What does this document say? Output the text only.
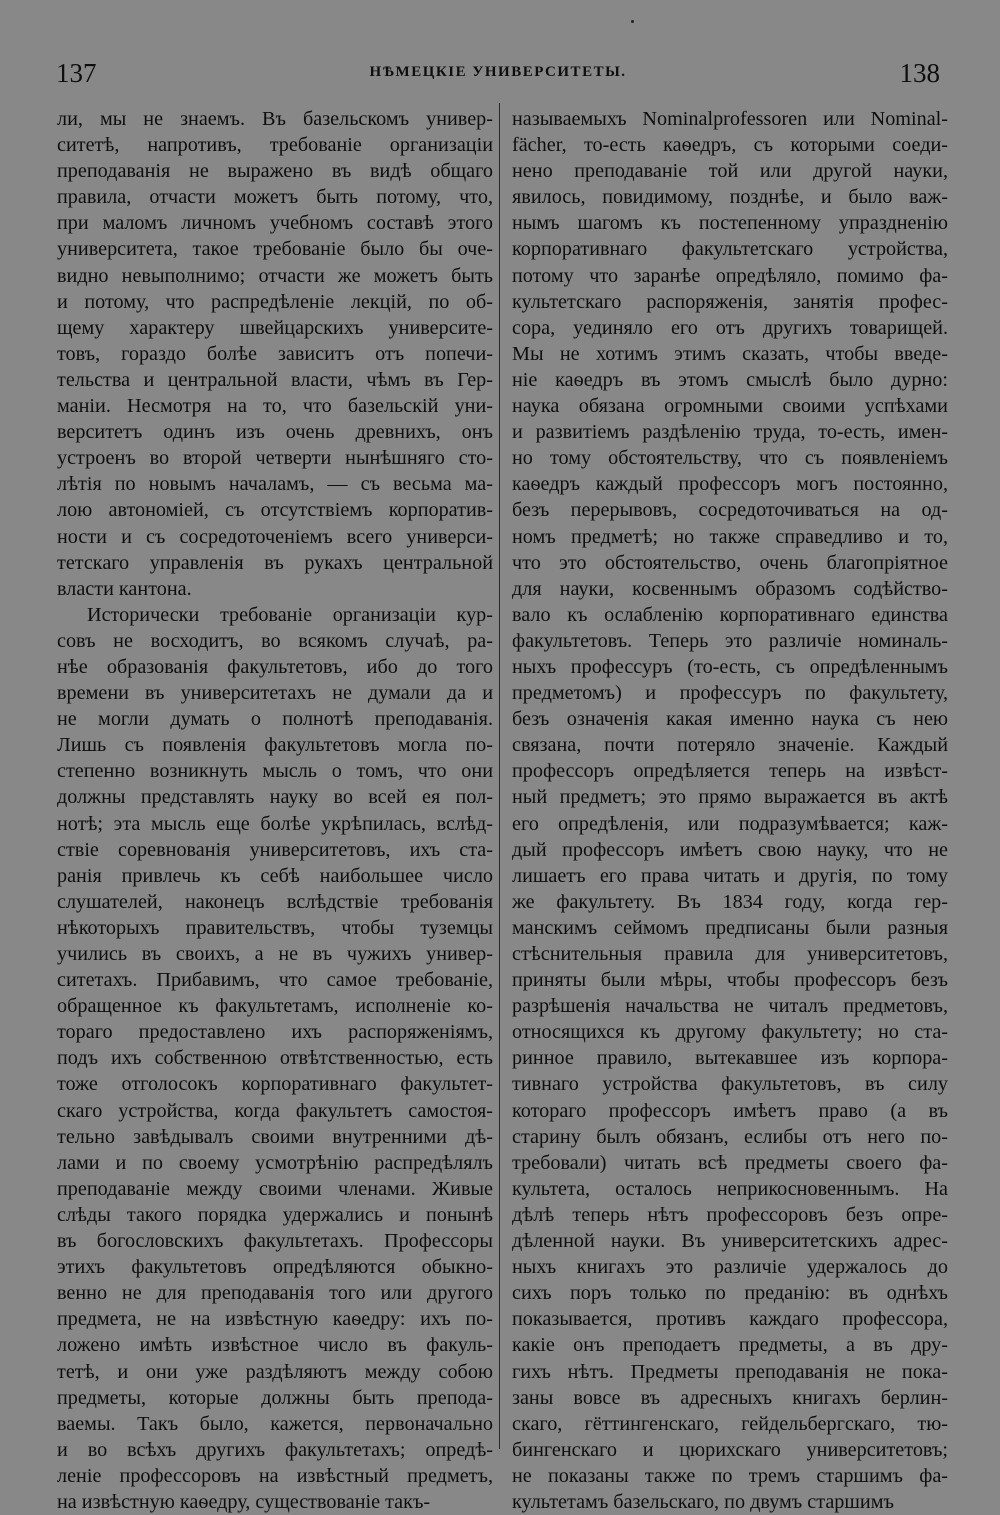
137	НѢМЕЦКІЕ УНИВЕРСИТЕТЫ.	138
ли, мы не знаемъ. Въ базельскомъ универ-
ситетѣ, напротивъ, требованіе организаціи
преподаванія не выражено въ видѣ общаго
правила, отчасти можетъ быть потому, что,
при маломъ личномъ учебномъ составѣ этого
университета, такое требованіе было бы оче-
видно невыполнимо; отчасти же можетъ быть
и потому, что распредѣленіе лекцій, по об-
щему характеру швейцарскихъ университе-
товъ, гораздо болѣе зависитъ отъ попечи-
тельства и центральной власти, чѣмъ въ Гер-
маніи. Несмотря на то, что базельскій уни-
верситетъ одинъ изъ очень древнихъ, онъ
устроенъ во второй четверти нынѣшняго сто-
лѣтія по новымъ началамъ, — съ весьма ма-
лою автономіей, съ отсутствіемъ корпоратив-
ности и съ сосредоточеніемъ всего универси-
тетскаго управленія въ рукахъ центральной
власти кантона.
Исторически требованіе организаціи кур-
совъ не восходитъ, во всякомъ случаѣ, ра-
нѣе образованія факультетовъ, ибо до того
времени въ университетахъ не думали да и
не могли думать о полнотѣ преподаванія.
Лишь съ появленія факультетовъ могла по-
степенно возникнуть мысль о томъ, что они
должны представлять науку во всей ея пол-
нотѣ; эта мысль еще болѣе укрѣпилась, вслѣд-
ствіе соревнованія университетовъ, ихъ ста-
ранія привлечь къ себѣ наибольшее число
слушателей, наконецъ вслѣдствіе требованія
нѣкоторыхъ правительствъ, чтобы туземцы
учились въ своихъ, а не въ чужихъ универ-
ситетахъ. Прибавимъ, что самое требованіе,
обращенное къ факультетамъ, исполненіе ко-
тораго предоставлено ихъ распоряженіямъ,
подъ ихъ собственною отвѣтственностью, есть
тоже отголосокъ корпоративнаго факультет-
скаго устройства, когда факультетъ самостоя-
тельно завѣдывалъ своими внутренними дѣ-
лами и по своему усмотрѣнію распредѣлялъ
преподаваніе между своими членами. Живые
слѣды такого порядка удержались и понынѣ
въ богословскихъ факультетахъ. Профессоры
этихъ факультетовъ опредѣляются обыкно-
венно не для преподаванія того или другого
предмета, не на извѣстную каѳедру: ихъ по-
ложено имѣть извѣстное число въ факуль-
тетѣ, и они уже раздѣляютъ между собою
предметы, которые должны быть препода-
ваемы. Такъ было, кажется, первоначально
и во всѣхъ другихъ факультетахъ; опредѣ-
леніе профессоровъ на извѣстный предметъ,
на извѣстную каѳедру, существованіе такъ-
называемыхъ Nominalprofessoren или Nominal-
fächer, то-есть каѳедръ, съ которыми соеди-
нено преподаваніе той или другой науки,
явилось, повидимому, позднѣе, и было важ-
нымъ шагомъ къ постепенному упраздненію
корпоративнаго факультетскаго устройства,
потому что заранѣе опредѣляло, помимо фа-
культетскаго распоряженія, занятія профес-
сора, уединяло его отъ другихъ товарищей.
Мы не хотимъ этимъ сказать, чтобы введе-
ніе каѳедръ въ этомъ смыслѣ было дурно:
наука обязана огромными своими успѣхами
и развитіемъ раздѣленію труда, то-есть, имен-
но тому обстоятельству, что съ появленіемъ
каѳедръ каждый профессоръ могъ постоянно,
безъ перерывовъ, сосредоточиваться на од-
номъ предметѣ; но также справедливо и то,
что это обстоятельство, очень благопріятное
для науки, косвеннымъ образомъ содѣйство-
вало къ ослабленію корпоративнаго единства
факультетовъ. Теперь это различіе номиналь-
ныхъ профессуръ (то-есть, съ опредѣленнымъ
предметомъ) и профессуръ по факультету,
безъ означенія какая именно наука съ нею
связана, почти потеряло значеніе. Каждый
профессоръ опредѣляется теперь на извѣст-
ный предметъ; это прямо выражается въ актѣ
его опредѣленія, или подразумѣвается; каж-
дый профессоръ имѣетъ свою науку, что не
лишаетъ его права читать и другія, по тому
же факультету. Въ 1834 году, когда гер-
манскимъ сеймомъ предписаны были разныя
стѣснительныя правила для университетовъ,
приняты были мѣры, чтобы профессоръ безъ
разрѣшенія начальства не читалъ предметовъ,
относящихся къ другому факультету; но ста-
ринное правило, вытекавшее изъ корпора-
тивнаго устройства факультетовъ, въ силу
котораго профессоръ имѣетъ право (а въ
старину былъ обязанъ, еслибы отъ него по-
требовали) читать всѣ предметы своего фа-
культета, осталось неприкосновеннымъ. На
дѣлѣ теперь нѣтъ профессоровъ безъ опре-
дѣленной науки. Въ университетскихъ адрес-
ныхъ книгахъ это различіе удержалось до
сихъ поръ только по преданію: въ однѣхъ
показывается, противъ каждаго профессора,
какіе онъ преподаетъ предметы, а въ дру-
гихъ нѣтъ. Предметы преподаванія не пока-
заны вовсе въ адресныхъ книгахъ берлин-
скаго, гёттингенскаго, гейдельбергскаго, тю-
бингенскаго и цюрихскаго университетовъ;
не показаны также по тремъ старшимъ фа-
культетамъ базельскаго, по двумъ старшимъ
